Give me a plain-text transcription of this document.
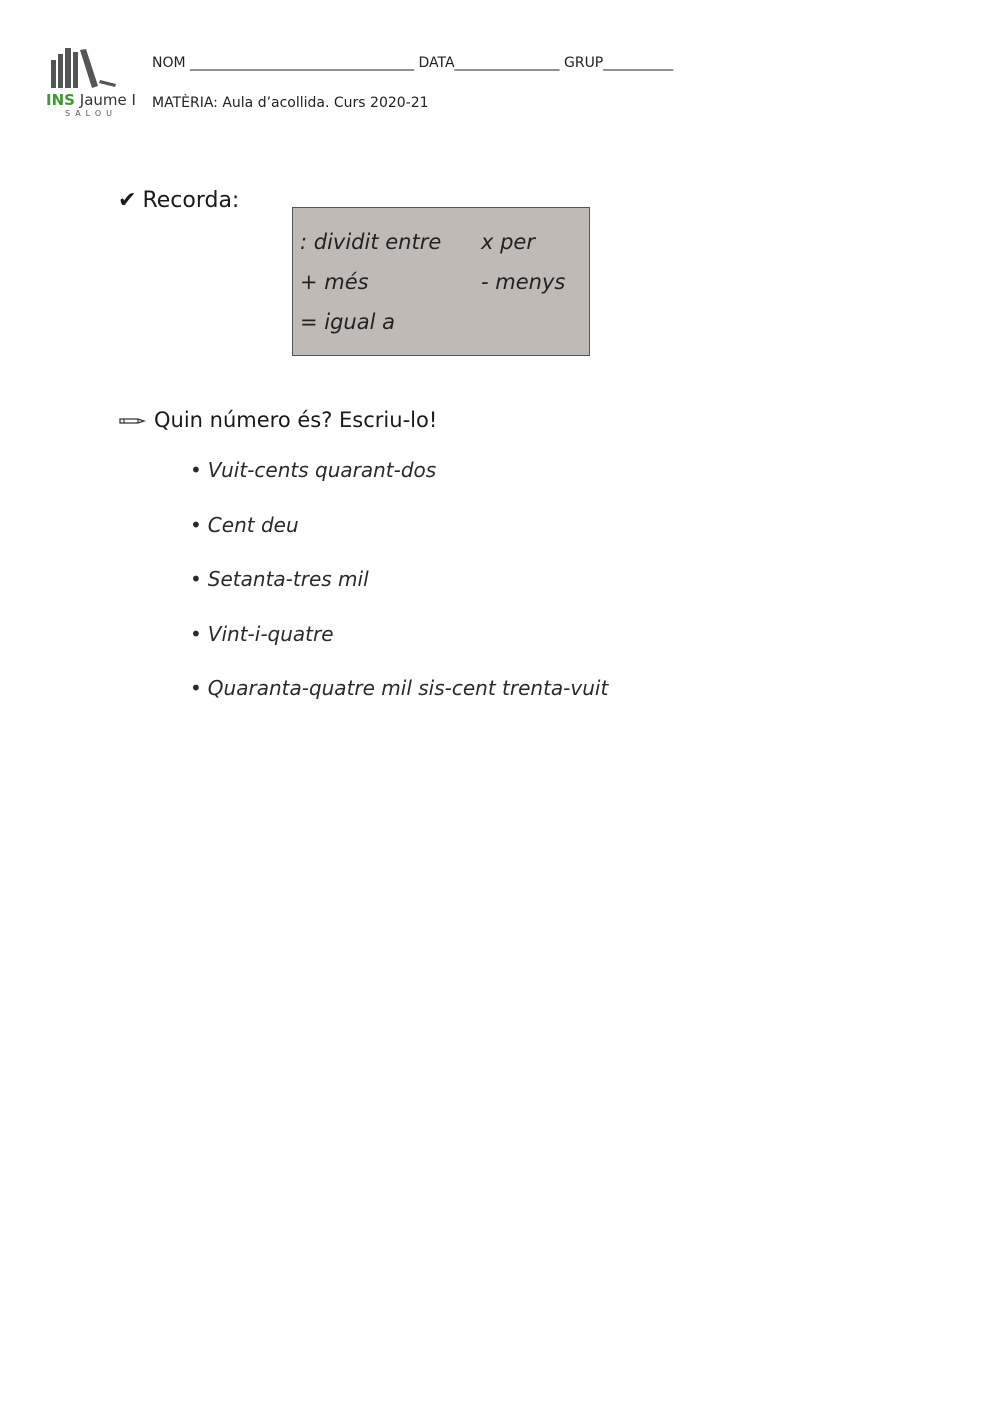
INS Jaume I
SALOU
NOM ________________________________ DATA_______________ GRUP__________
MATÈRIA: Aula d’acollida. Curs 2020-21
✔ Recorda:
: dividit entre x per
+ més	- menys
= igual a
Quin número és? Escriu-lo!
• Vuit-cents quarant-dos
• Cent deu
• Setanta-tres mil
• Vint-i-quatre
• Quaranta-quatre mil sis-cent trenta-vuit
